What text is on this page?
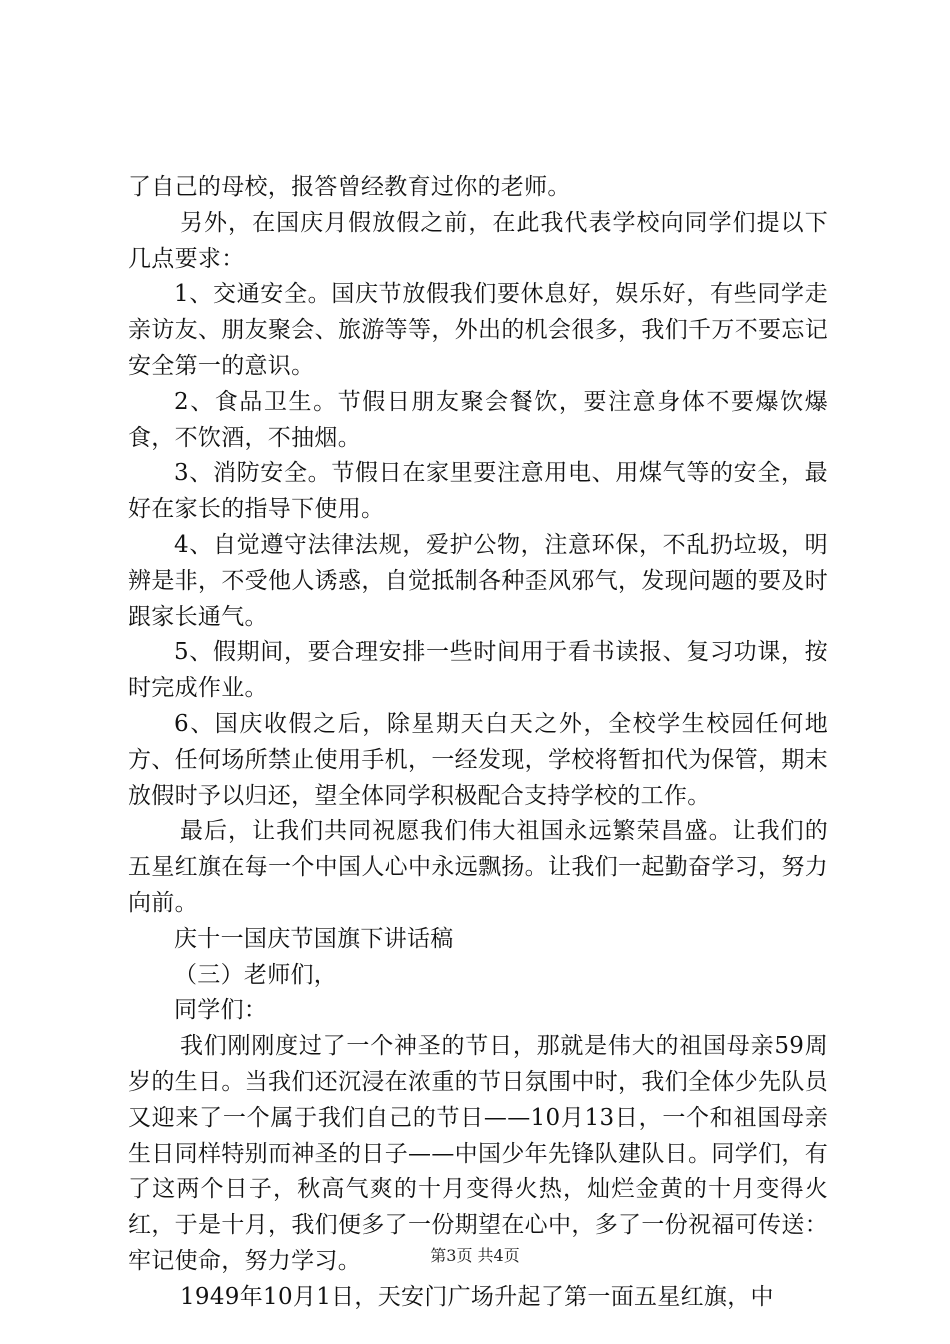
了自己的母校，报答曾经教育过你的老师。

另外，在国庆月假放假之前，在此我代表学校向同学们提以下几点要求：

1、交通安全。国庆节放假我们要休息好，娱乐好，有些同学走亲访友、朋友聚会、旅游等等，外出的机会很多，我们千万不要忘记安全第一的意识。

2、食品卫生。节假日朋友聚会餐饮，要注意身体不要爆饮爆食，不饮酒，不抽烟。

3、消防安全。节假日在家里要注意用电、用煤气等的安全，最好在家长的指导下使用。

4、自觉遵守法律法规，爱护公物，注意环保，不乱扔垃圾，明辨是非，不受他人诱惑，自觉抵制各种歪风邪气，发现问题的要及时跟家长通气。

5、假期间，要合理安排一些时间用于看书读报、复习功课，按时完成作业。

6、国庆收假之后，除星期天白天之外，全校学生校园任何地方、任何场所禁止使用手机，一经发现，学校将暂扣代为保管，期末放假时予以归还，望全体同学积极配合支持学校的工作。

最后，让我们共同祝愿我们伟大祖国永远繁荣昌盛。让我们的五星红旗在每一个中国人心中永远飘扬。让我们一起勤奋学习，努力向前。

庆十一国庆节国旗下讲话稿

（三）老师们，

同学们：

我们刚刚度过了一个神圣的节日，那就是伟大的祖国母亲59周岁的生日。当我们还沉浸在浓重的节日氛围中时，我们全体少先队员又迎来了一个属于我们自己的节日——10月13日，一个和祖国母亲生日同样特别而神圣的日子——中国少年先锋队建队日。同学们，有了这两个日子，秋高气爽的十月变得火热，灿烂金黄的十月变得火红，于是十月，我们便多了一份期望在心中，多了一份祝福可传送：牢记使命，努力学习。

1949年10月1日，天安门广场升起了第一面五星红旗，中

第3页 共4页
